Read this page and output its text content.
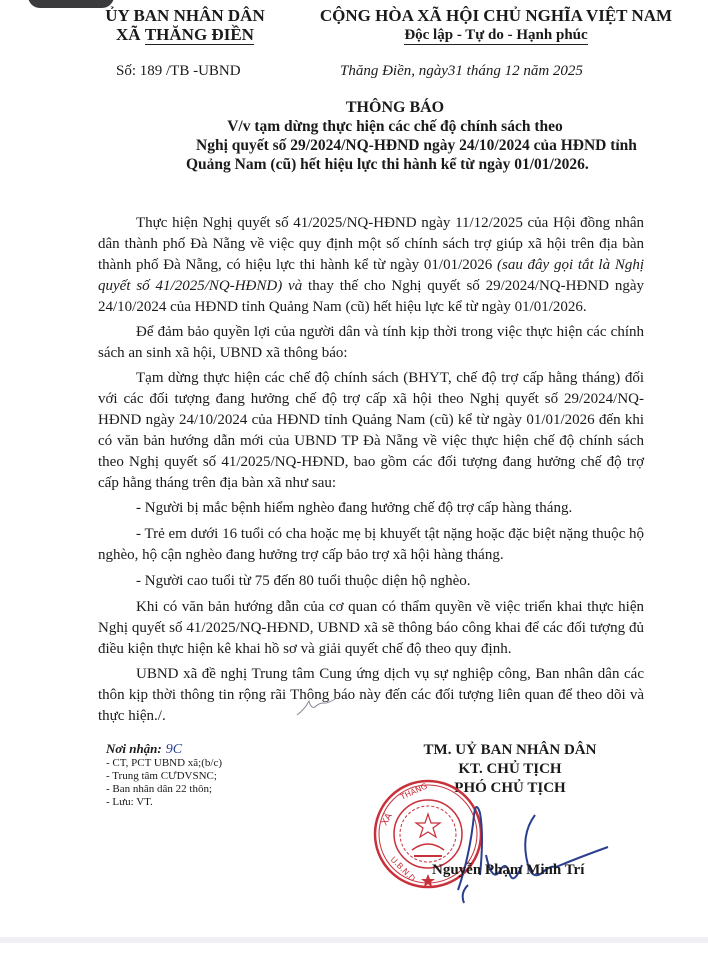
ỦY BAN NHÂN DÂN
XÃ THĂNG ĐIỀN
CỘNG HÒA XÃ HỘI CHỦ NGHĨA VIỆT NAM
Độc lập - Tự do - Hạnh phúc
Số: 189 /TB -UBND	Thăng Điền, ngày31 tháng 12 năm 2025
THÔNG BÁO
V/v tạm dừng thực hiện các chế độ chính sách theo
Nghị quyết số 29/2024/NQ-HĐND ngày 24/10/2024 của HĐND tỉnh
Quảng Nam (cũ) hết hiệu lực thi hành kể từ ngày 01/01/2026.

Thực hiện Nghị quyết số 41/2025/NQ-HĐND ngày 11/12/2025 của Hội đồng nhân dân thành phố Đà Nẵng về việc quy định một số chính sách trợ giúp xã hội trên địa bàn thành phố Đà Nẵng, có hiệu lực thi hành kể từ ngày 01/01/2026 (sau đây gọi tắt là Nghị quyết số 41/2025/NQ-HĐND) và thay thế cho Nghị quyết số 29/2024/NQ-HĐND ngày 24/10/2024 của HĐND tỉnh Quảng Nam (cũ) hết hiệu lực kể từ ngày 01/01/2026.

Để đảm bảo quyền lợi của người dân và tính kịp thời trong việc thực hiện các chính sách an sinh xã hội, UBND xã thông báo:

Tạm dừng thực hiện các chế độ chính sách (BHYT, chế độ trợ cấp hằng tháng) đối với các đối tượng đang hưởng chế độ trợ cấp xã hội theo Nghị quyết số 29/2024/NQ-HĐND ngày 24/10/2024 của HĐND tỉnh Quảng Nam (cũ) kể từ ngày 01/01/2026 đến khi có văn bản hướng dẫn mới của UBND TP Đà Nẵng về việc thực hiện chế độ chính sách theo Nghị quyết số 41/2025/NQ-HĐND, bao gồm các đối tượng đang hưởng chế độ trợ cấp hằng tháng trên địa bàn xã như sau:

- Người bị mắc bệnh hiểm nghèo đang hưởng chế độ trợ cấp hàng tháng.

- Trẻ em dưới 16 tuổi có cha hoặc mẹ bị khuyết tật nặng hoặc đặc biệt nặng thuộc hộ nghèo, hộ cận nghèo đang hưởng trợ cấp bảo trợ xã hội hàng tháng.

- Người cao tuổi từ 75 đến 80 tuổi thuộc diện hộ nghèo.

Khi có văn bản hướng dẫn của cơ quan có thẩm quyền về việc triển khai thực hiện Nghị quyết số 41/2025/NQ-HĐND, UBND xã sẽ thông báo công khai để các đối tượng đủ điều kiện thực hiện kê khai hồ sơ và giải quyết chế độ theo quy định.

UBND xã đề nghị Trung tâm Cung ứng dịch vụ sự nghiệp công, Ban nhân dân các thôn kịp thời thông tin rộng rãi Thông báo này đến các đối tượng liên quan để theo dõi và thực hiện./.

Nơi nhận: 9C
- CT, PCT UBND xã;(b/c)
- Trung tâm CƯDVSNC;
- Ban nhân dân 22 thôn;
- Lưu: VT.
TM. UỶ BAN NHÂN DÂN
KT. CHỦ TỊCH
PHÓ CHỦ TỊCH
XÃ
THĂNG
U.B.N.D Nguyễn Phạm Minh Trí
